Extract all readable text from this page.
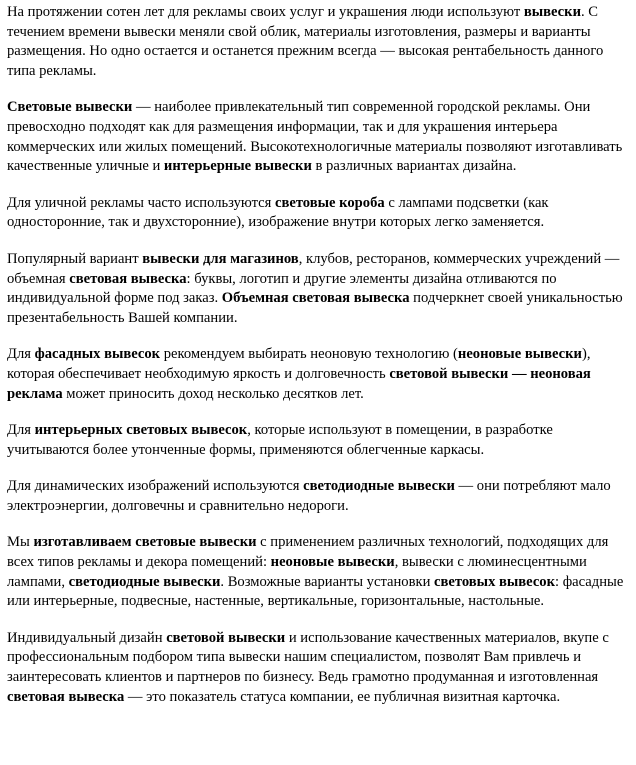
На протяжении сотен лет для рекламы своих услуг и украшения люди используют вывески. С течением времени вывески меняли свой облик, материалы изготовления, размеры и варианты размещения. Но одно остается и останется прежним всегда — высокая рентабельность данного типа рекламы.

Световые вывески — наиболее привлекательный тип современной городской рекламы. Они превосходно подходят как для размещения информации, так и для украшения интерьера коммерческих или жилых помещений. Высокотехнологичные материалы позволяют изготавливать качественные уличные и интерьерные вывески в различных вариантах дизайна.

Для уличной рекламы часто используются световые короба с лампами подсветки (как односторонние, так и двухсторонние), изображение внутри которых легко заменяется.

Популярный вариант вывески для магазинов, клубов, ресторанов, коммерческих учреждений — объемная световая вывеска: буквы, логотип и другие элементы дизайна отливаются по индивидуальной форме под заказ. Объемная световая вывеска подчеркнет своей уникальностью презентабельность Вашей компании.

Для фасадных вывесок рекомендуем выбирать неоновую технологию (неоновые вывески), которая обеспечивает необходимую яркость и долговечность световой вывески — неоновая реклама может приносить доход несколько десятков лет.

Для интерьерных световых вывесок, которые используют в помещении, в разработке учитываются более утонченные формы, применяются облегченные каркасы.

Для динамических изображений используются светодиодные вывески — они потребляют мало электроэнергии, долговечны и сравнительно недороги.

Мы изготавливаем световые вывески с применением различных технологий, подходящих для всех типов рекламы и декора помещений: неоновые вывески, вывески с люминесцентными лампами, светодиодные вывески. Возможные варианты установки световых вывесок: фасадные или интерьерные, подвесные, настенные, вертикальные, горизонтальные, настольные.

Индивидуальный дизайн световой вывески и использование качественных материалов, вкупе с профессиональным подбором типа вывески нашим специалистом, позволят Вам привлечь и заинтересовать клиентов и партнеров по бизнесу. Ведь грамотно продуманная и изготовленная световая вывеска — это показатель статуса компании, ее публичная визитная карточка.
